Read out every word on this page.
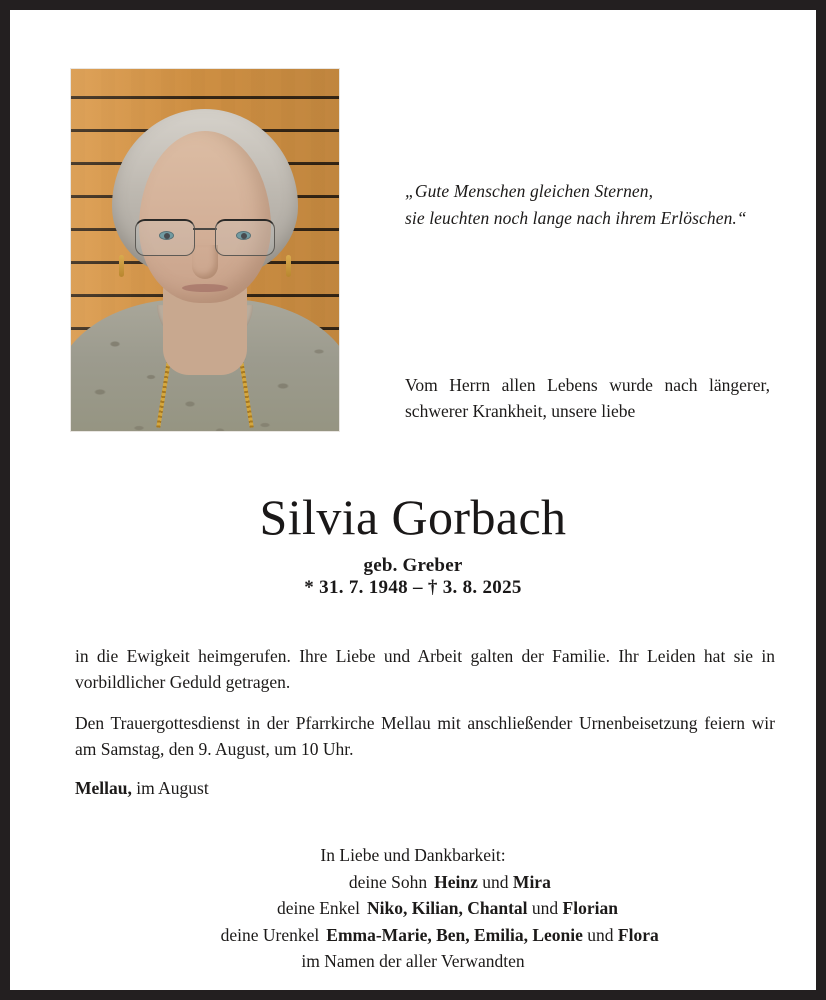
„Gute Menschen gleichen Sternen,
sie leuchten noch lange nach ihrem Erlöschen.“
Vom Herrn allen Lebens wurde nach längerer, schwerer Krankheit, unsere liebe
Silvia Gorbach
geb. Greber
* 31. 7. 1948 – † 3. 8. 2025
in die Ewigkeit heimgerufen. Ihre Liebe und Arbeit galten der Familie. Ihr Leiden hat sie in vorbildlicher Geduld getragen.
Den Trauergottesdienst in der Pfarrkirche Mellau mit anschließender Urnenbeisetzung feiern wir am Samstag, den 9. August, um 10 Uhr.
Mellau, im August
In Liebe und Dankbarkeit:
deine Sohn Heinz und Mira
deine Enkel Niko, Kilian, Chantal und Florian
deine Urenkel Emma-Marie, Ben, Emilia, Leonie und Flora
im Namen der aller Verwandten
